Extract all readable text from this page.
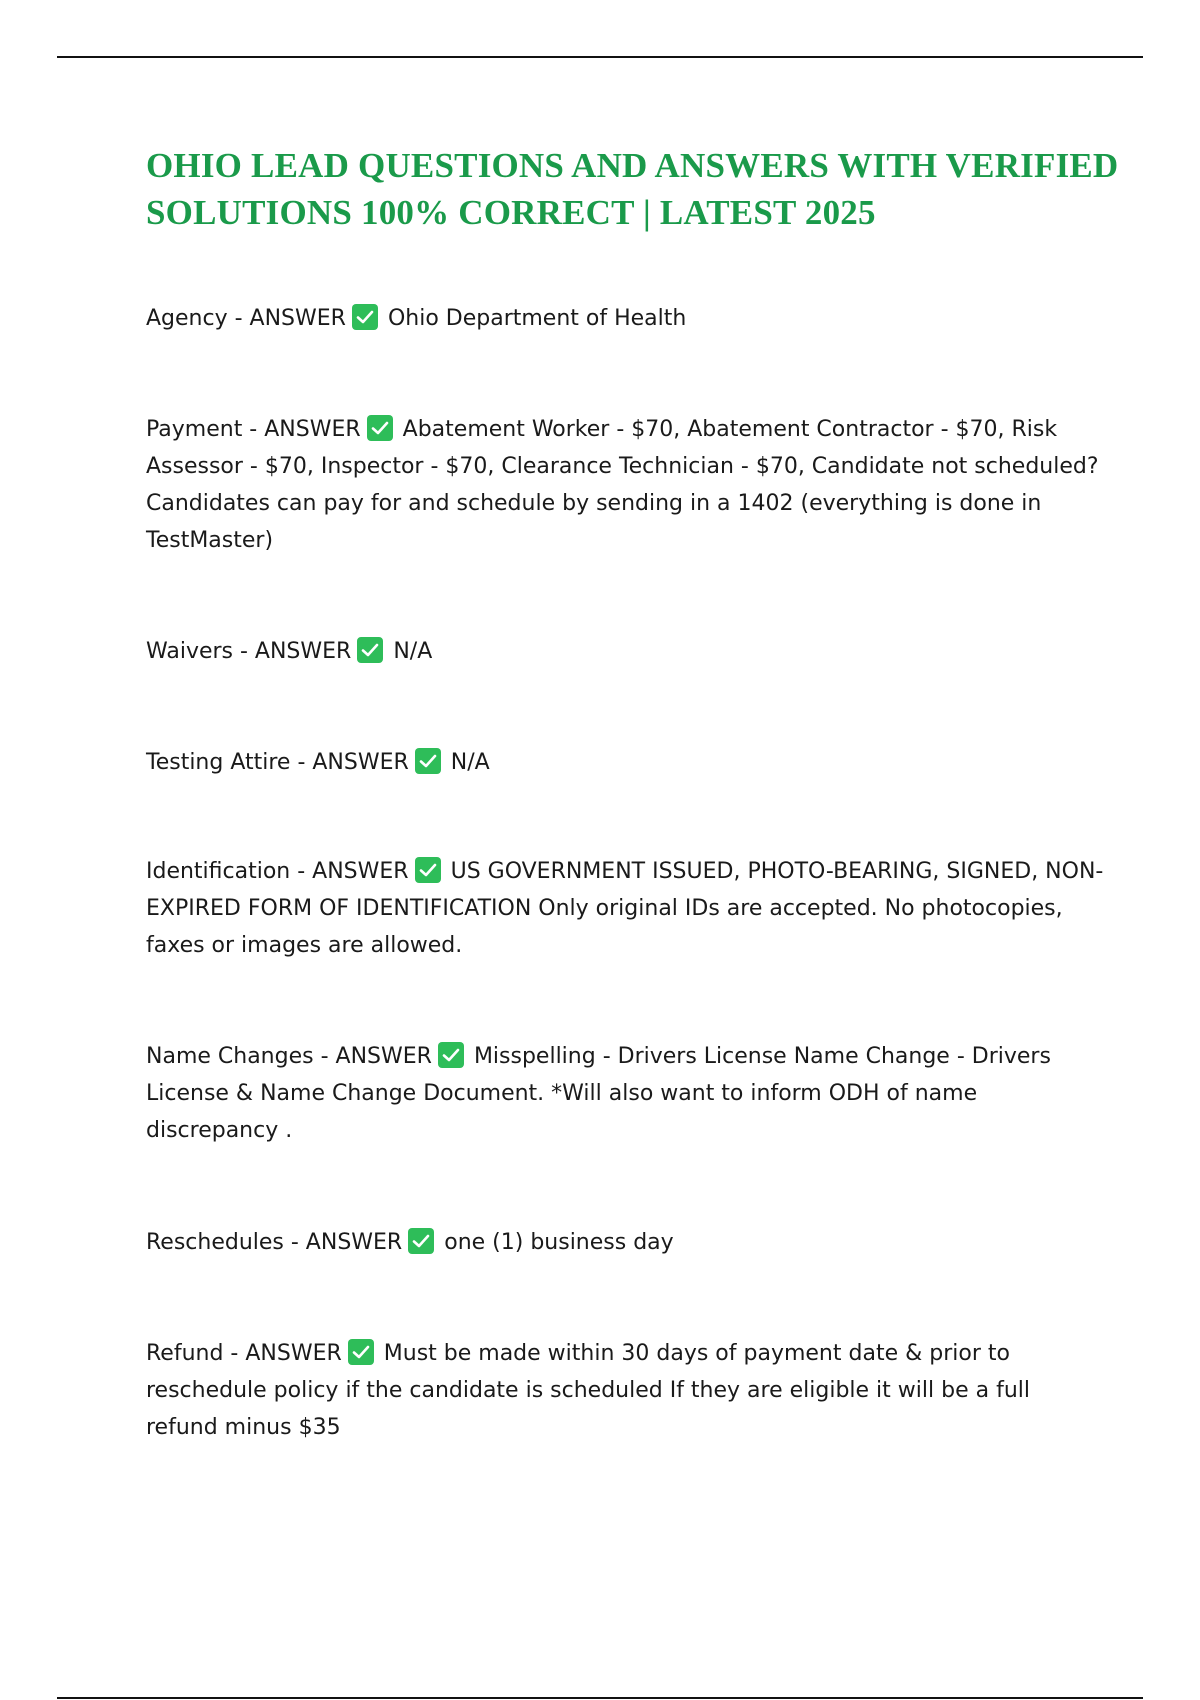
OHIO LEAD QUESTIONS AND ANSWERS WITH VERIFIED SOLUTIONS 100% CORRECT | LATEST 2025

Agency - ANSWER Ohio Department of Health

Payment - ANSWER Abatement Worker - $70, Abatement Contractor - $70, Risk Assessor - $70, Inspector - $70, Clearance Technician - $70, Candidate not scheduled? Candidates can pay for and schedule by sending in a 1402 (everything is done in TestMaster)

Waivers - ANSWER N/A

Testing Attire - ANSWER N/A

Identification - ANSWER US GOVERNMENT ISSUED, PHOTO-BEARING, SIGNED, NON-EXPIRED FORM OF IDENTIFICATION Only original IDs are accepted. No photocopies, faxes or images are allowed.

Name Changes - ANSWER Misspelling - Drivers License Name Change - Drivers License & Name Change Document. *Will also want to inform ODH of name discrepancy .

Reschedules - ANSWER one (1) business day

Refund - ANSWER Must be made within 30 days of payment date & prior to reschedule policy if the candidate is scheduled If they are eligible it will be a full refund minus $35
